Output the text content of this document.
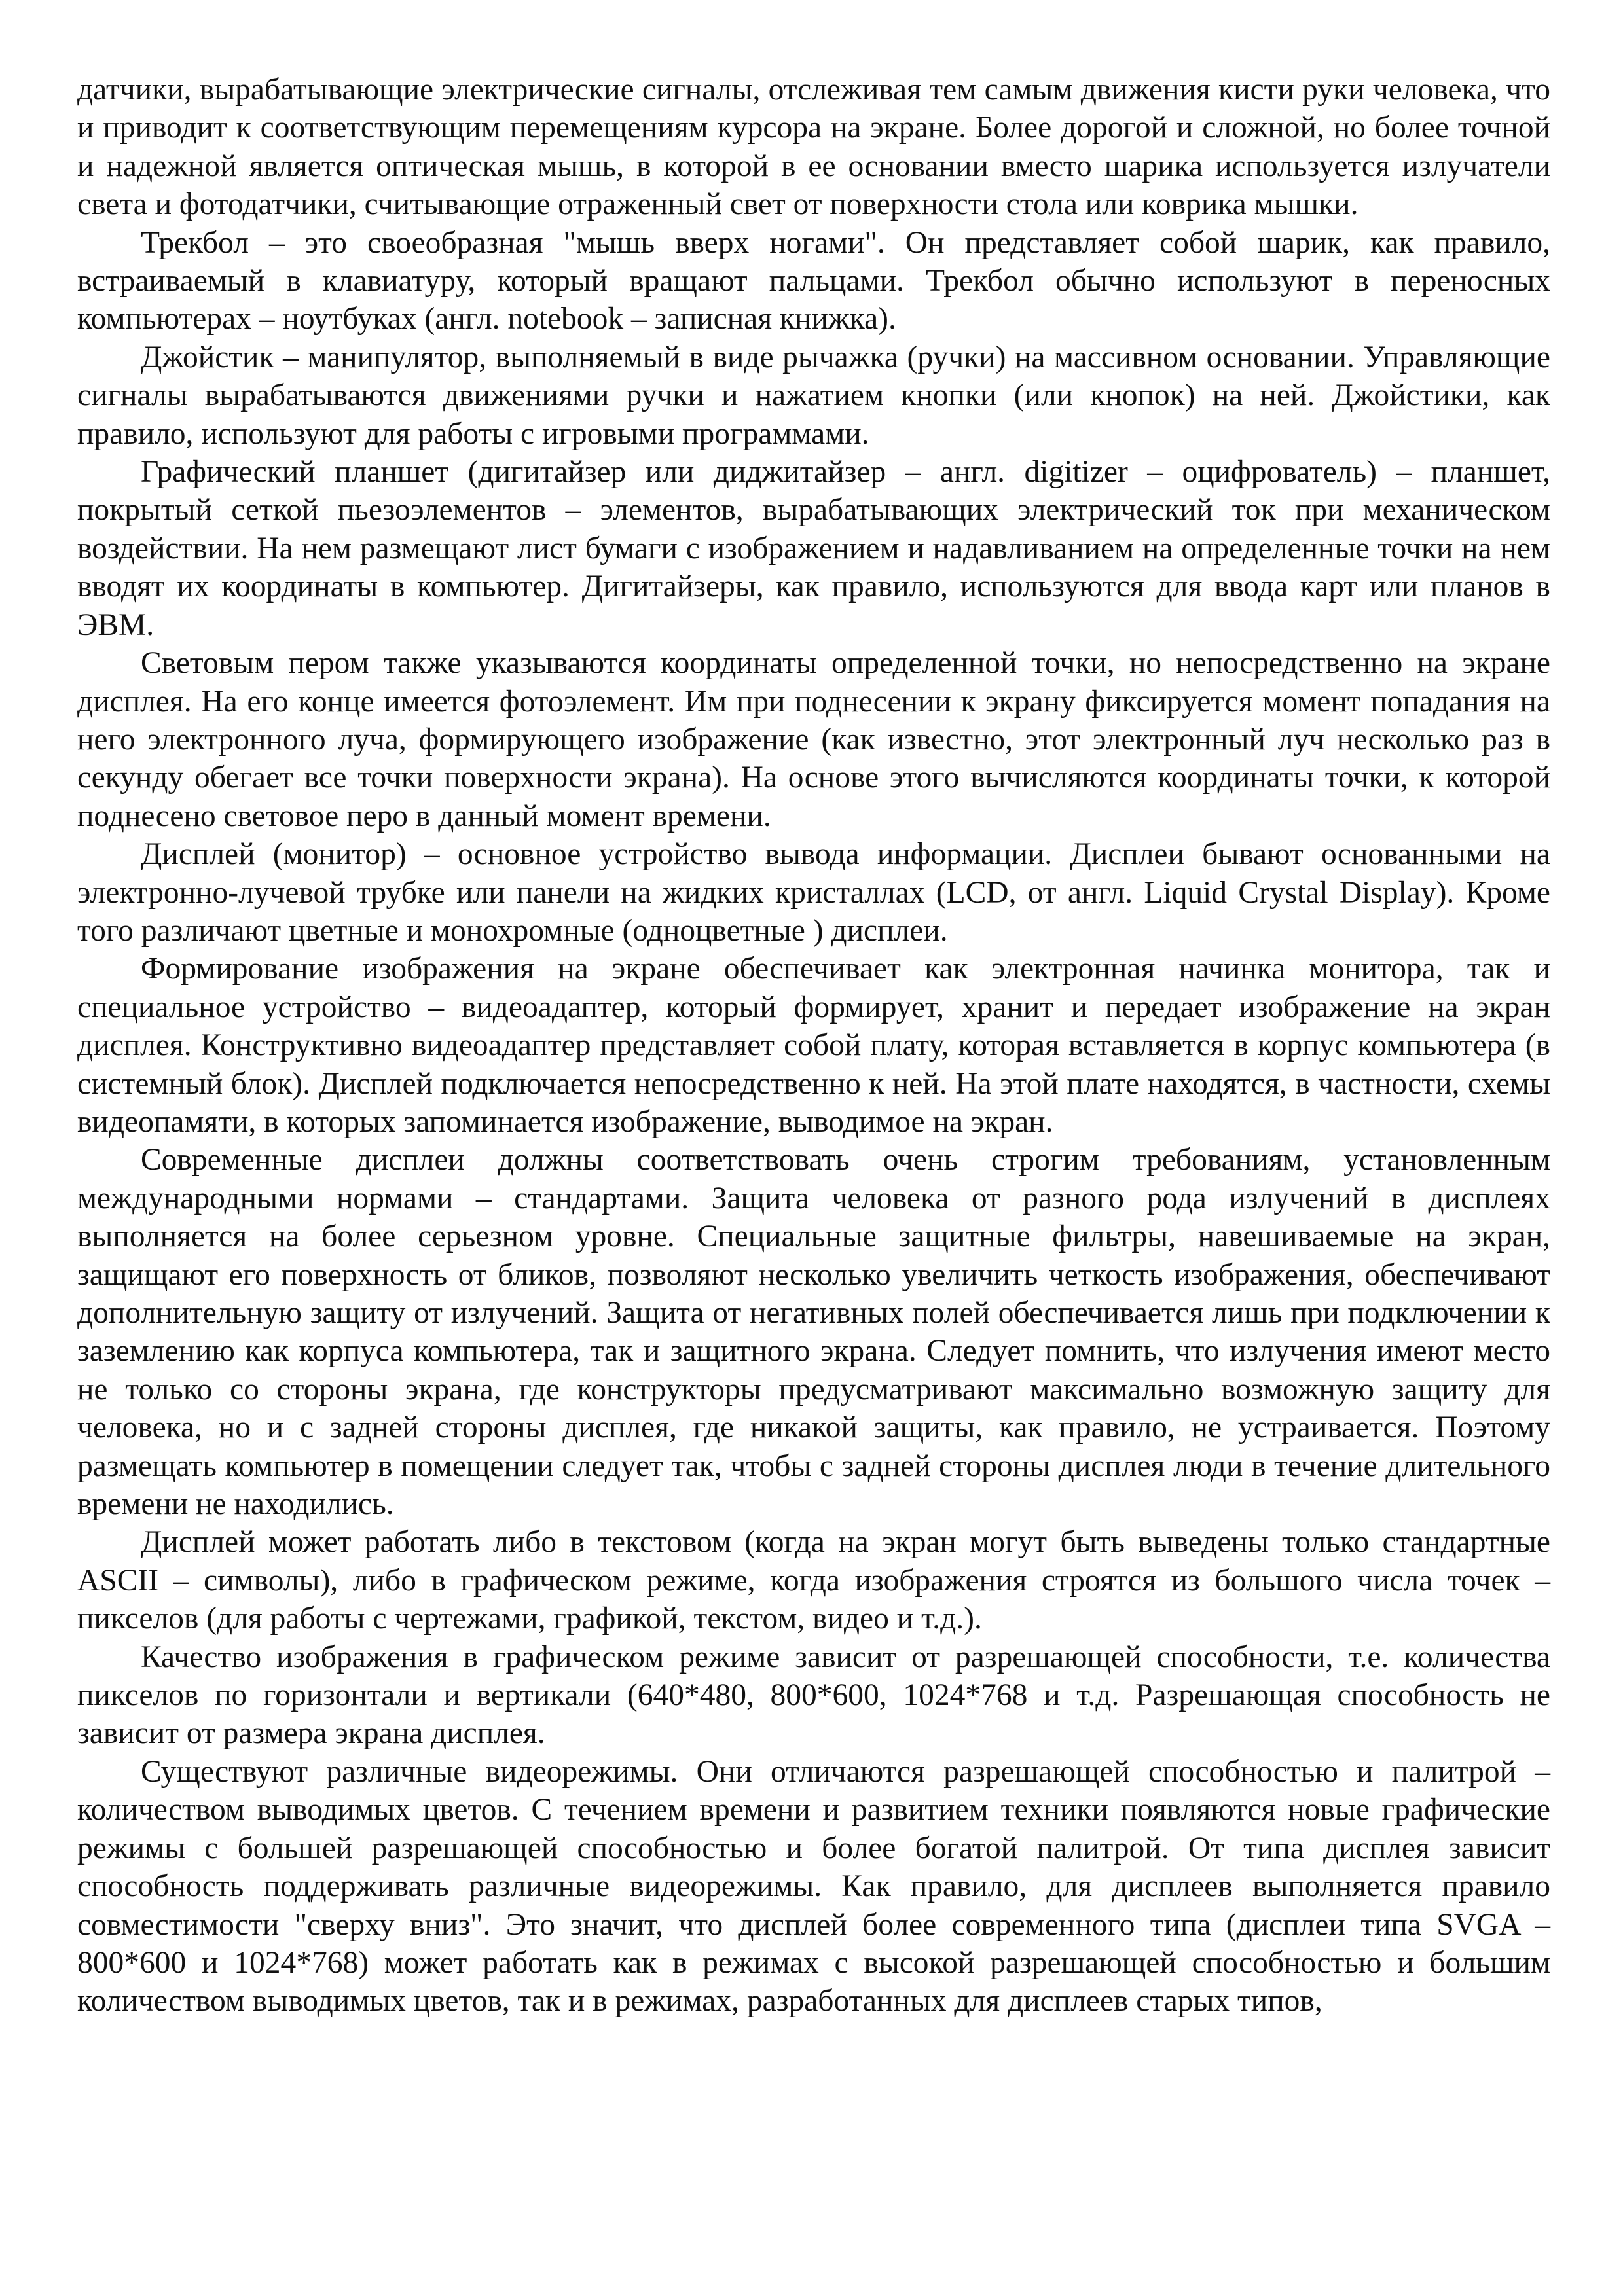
датчики, вырабатывающие электрические сигналы, отслеживая тем самым движения кисти руки человека, что и приводит к соответствующим перемещениям курсора на экране. Более дорогой и сложной, но более точной и надежной является оптическая мышь, в которой в ее основании вместо шарика используется излучатели света и фотодатчики, считывающие отраженный свет от поверхности стола или коврика мышки.

Трекбол – это своеобразная "мышь вверх ногами". Он представляет собой шарик, как правило, встраиваемый в клавиатуру, который вращают пальцами. Трекбол обычно используют в переносных компьютерах – ноутбуках (англ. notebook – записная книжка).

Джойстик – манипулятор, выполняемый в виде рычажка (ручки) на массивном основании. Управляющие сигналы вырабатываются движениями ручки и нажатием кнопки (или кнопок) на ней. Джойстики, как правило, используют для работы с игровыми программами.

Графический планшет (дигитайзер или диджитайзер – англ. digitizer – оцифрователь) – планшет, покрытый сеткой пьезоэлементов – элементов, вырабатывающих электрический ток при механическом воздействии. На нем размещают лист бумаги с изображением и надавливанием на определенные точки на нем вводят их координаты в компьютер. Дигитайзеры, как правило, используются для ввода карт или планов в ЭВМ.

Световым пером также указываются координаты определенной точки, но непосредственно на экране дисплея. На его конце имеется фотоэлемент. Им при поднесении к экрану фиксируется момент попадания на него электронного луча, формирующего изображение (как известно, этот электронный луч несколько раз в секунду обегает все точки поверхности экрана). На основе этого вычисляются координаты точки, к которой поднесено световое перо в данный момент времени.

Дисплей (монитор) – основное устройство вывода информации. Дисплеи бывают основанными на электронно-лучевой трубке или панели на жидких кристаллах (LCD, от англ. Liquid Crystal Display). Кроме того различают цветные и монохромные (одноцветные ) дисплеи.

Формирование изображения на экране обеспечивает как электронная начинка монитора, так и специальное устройство – видеоадаптер, который формирует, хранит и передает изображение на экран дисплея. Конструктивно видеоадаптер представляет собой плату, которая вставляется в корпус компьютера (в системный блок). Дисплей подключается непосредственно к ней. На этой плате находятся, в частности, схемы видеопамяти, в которых запоминается изображение, выводимое на экран.

Современные дисплеи должны соответствовать очень строгим требованиям, установленным международными нормами – стандартами. Защита человека от разного рода излучений в дисплеях выполняется на более серьезном уровне. Специальные защитные фильтры, навешиваемые на экран, защищают его поверхность от бликов, позволяют несколько увеличить четкость изображения, обеспечивают дополнительную защиту от излучений. Защита от негативных полей обеспечивается лишь при подключении к заземлению как корпуса компьютера, так и защитного экрана. Следует помнить, что излучения имеют место не только со стороны экрана, где конструкторы предусматривают максимально возможную защиту для человека, но и с задней стороны дисплея, где никакой защиты, как правило, не устраивается. Поэтому размещать компьютер в помещении следует так, чтобы с задней стороны дисплея люди в течение длительного времени не находились.

Дисплей может работать либо в текстовом (когда на экран могут быть выведены только стандартные ASCII – символы), либо в графическом режиме, когда изображения строятся из большого числа точек – пикселов (для работы с чертежами, графикой, текстом, видео и т.д.).

Качество изображения в графическом режиме зависит от разрешающей способности, т.е. количества пикселов по горизонтали и вертикали (640*480, 800*600, 1024*768 и т.д. Разрешающая способность не зависит от размера экрана дисплея.

Существуют различные видеорежимы. Они отличаются разрешающей способностью и палитрой – количеством выводимых цветов. С течением времени и развитием техники появляются новые графические режимы с большей разрешающей способностью и более богатой палитрой. От типа дисплея зависит способность поддерживать различные видеорежимы. Как правило, для дисплеев выполняется правило совместимости "сверху вниз". Это значит, что дисплей более современного типа (дисплеи типа SVGA – 800*600 и 1024*768) может работать как в режимах с высокой разрешающей способностью и большим количеством выводимых цветов, так и в режимах, разработанных для дисплеев старых типов,
